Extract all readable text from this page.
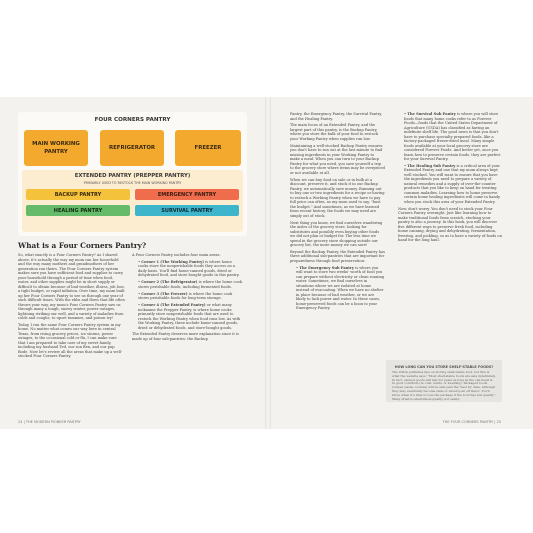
FOUR CORNERS PANTRY
MAIN WORKING PANTRY
REFRIGERATOR	FREEZER
EXTENDED PANTRY (PREPPER PANTRY)
PRIMARILY USED TO RESTOCK THE MAIN WORKING PANTRY
BACKUP PANTRY	EMERGENCY PANTRY
HEALING PANTRY	SURVIVAL PANTRY
What is a Four Corners Pantry?

So, what exactly is a Four Corners Pantry? As I shared above, it's actually the way my mom ran her household and the way many mothers and grandmothers of her generation ran theirs. The Four Corners Pantry system makes sure you have sufficient food and supplies to carry your household through a period of time when food, water, and other supplies might be in short supply or difficult to obtain because of bad weather, illness, job loss, a tight budget, or rapid inflation. Over time, my mom built up her Four Corners Pantry to see us through one year of such difficult times. With the ebbs and flows that life often throws your way, my mom's Four Corners Pantry saw us through many a tough, snowy winter, power outages, lightning striking our well, and a variety of maladies from colds and coughs, to upset tummies, and poison ivy!

Today, I run the same Four Corners Pantry system in my home. No matter what comes our way here in central Texas, from rising grocery prices, ice storms, power outages, to the occasional cold or flu, I can make sure that I am prepared to take care of my sweet family, including my husband Ted, our son Ben, and our pup Bode. Now let's review all the areas that make up a well-stocked Four Corners Pantry.

A Four Corners Pantry includes four main areas:

• Corner 1 (The Working Pantry) is where home cooks store the nonperishable foods they access on a daily basis. You'll find home-canned goods, dried or dehydrated food, and store bought goods in this pantry.

• Corner 2 (The Refrigerator) is where the home cook stores perishable foods, including fermented foods.

• Corner 3 (The Freezer) is where the home cook stores perishable foods for long-term storage.

• Corner 4 (The Extended Pantry) or what many nickname the Prepper Pantry, is where home cooks primarily store nonperishable foods that are used to restock the Working Pantry when food runs low. As with the Working Pantry, these include home-canned goods, dried or dehydrated foods, and store-bought goods.

The Extended Pantry deserves more explanation since it is made up of four sub-pantries: the Backup

24 | THE MODERN PIONEER PANTRY

Pantry, the Emergency Pantry, the Survival Pantry, and the Healing Pantry.

The main focus of an Extended Pantry, and the largest part of this pantry, is the Backup Pantry, where you store the bulk of your food to restock your Working Pantry when supplies run low.

Maintaining a well-stocked Backup Pantry ensures you don't have to run out at the last minute to find missing ingredients in your Working Pantry to make a meal. When you can turn to your Backup Pantry for what you need, you save yourself a trip to the grocery store where items may be overpriced or not available at all.

When we can buy food on sale or in bulk at a discount, preserve it, and stock it in our Backup Pantry, we automatically save money. Running out to buy one or two ingredients for a recipe or having to restock a Working Pantry when we have to pay full price can often, as my mom used to say, "bust the budget." And sometimes, as we have learned from recent history, the foods we may need are simply out of stock.

Next thing you know, we find ourselves wandering the aisles of the grocery store, looking for substitutes and possibly even buying other foods we did not plan or budget for. The less time we spend in the grocery store shopping outside our grocery list, the more money we can save!

Beyond the Backup Pantry, the Extended Pantry has three additional sub-pantries that are important for preparedness through food preservation:

• The Emergency Sub Pantry is where you will want to store two weeks' worth of food you can prepare without electricity or clean running water. Sometimes, we find ourselves in situations where we are isolated at home instead of evacuating. When we have no shelter in place because of bad weather, or we are likely to lack power and water. In these cases, home-preserved foods can be a boon to your Emergency Pantry.

• The Survival Sub Pantry is where you will store foods that many home cooks refer to as Forever Foods—foods that the United States Department of Agriculture (USDA) has classified as having an indefinite shelf life. The good news is that you don't have to purchase specialty prepared foods, like a factory-packaged freeze-dried meal. Many simple foods available at your local grocery store are considered Forever Foods. And better yet, once you learn how to preserve certain foods, they are perfect for your Survival Pantry.

• The Healing Sub Pantry is a critical area of your Extended Pantry and one that my mom always kept well stocked. You will want to ensure that you have the ingredients you need to prepare a variety of natural remedies and a supply of over-the-counter products that you like to keep on hand for treating common maladies. Learning how to home preserve certain home healing ingredients will come in handy when you stock this area of your Extended Pantry.

Now, don't worry. You don't need to stock your Four Corners Pantry overnight. Just like learning how to make traditional foods from scratch, stocking your pantry is also a journey. In this book, you will discover five different ways to preserve fresh food, including home canning, drying and dehydrating, fermentation, freezing, and pickling, so as to have a variety of foods on hand for the long haul.

HOW LONG CAN YOU STORE SHELF-STABLE FOODS?
The USDA publishes tips on storing shelf-stable food, but this is what the website says: "Most shelf-stable foods are safe indefinitely. In fact, canned goods will last for years as long as the can itself is in good condition (no rust, dents, or swelling). Packaged foods (cereal, pasta, cookies) will be safe past the 'best by' date, although they may eventually become stale or develop an off flavor. You'll know when it's time to toss the package if the food has lost quality." Many dried-to-shelf-life-in-quality, not safety.
THE FOUR CORNERS PANTRY | 25
